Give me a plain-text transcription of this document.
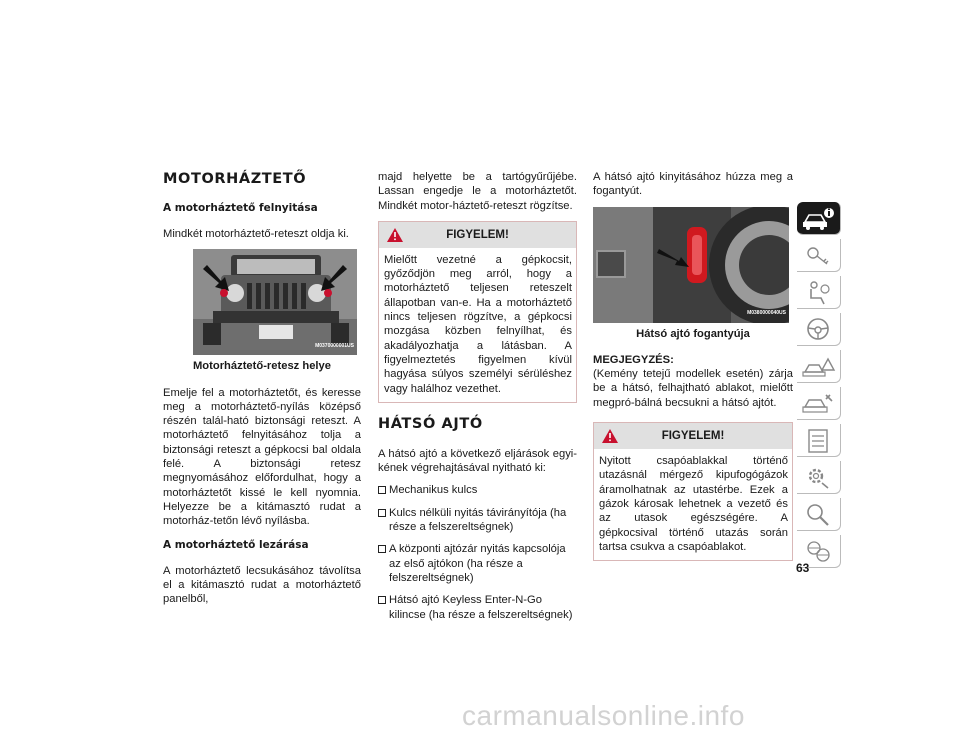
MOTORHÁZTETŐ
A motorháztető felnyitása

Mindkét motorháztető-reteszt oldja ki.

M0370000001US
Motorháztető-retesz helye

Emelje fel a motorháztetőt, és keresse meg a motorháztető-nyílás középső részén talál-ható biztonsági reteszt. A motorháztető felnyitásához tolja a biztonsági reteszt a gépkocsi bal oldala felé. A biztonsági retesz megnyomásához előfordulhat, hogy a motorháztetőt kissé le kell nyomnia. Helyezze be a kitámasztó rudat a motorház-tetőn lévő nyílásba.

A motorháztető lezárása

A motorháztető lecsukásához távolítsa el a kitámasztó rudat a motorháztető panelből,

majd helyette be a tartógyűrűjébe. Lassan engedje le a motorháztetőt. Mindkét motor-háztető-reteszt rögzítse.

FIGYELEM!

Mielőtt vezetné a gépkocsit, győződjön meg arról, hogy a motorháztető teljesen reteszelt állapotban van-e. Ha a motorháztető nincs teljesen rögzítve, a gépkocsi mozgása közben felnyílhat, és akadályozhatja a látásban. A figyelmeztetés figyelmen kívül hagyása súlyos személyi sérüléshez vagy halálhoz vezethet.

HÁTSÓ AJTÓ

A hátsó ajtó a következő eljárások egyi-kének végrehajtásával nyitható ki:

Mechanikus kulcs
Kulcs nélküli nyitás távirányítója (ha része a felszereltségnek)
A központi ajtózár nyitás kapcsolója az első ajtókon (ha része a felszereltségnek)
Hátsó ajtó Keyless Enter-N-Go kilincse (ha része a felszereltségnek)

A hátsó ajtó kinyitásához húzza meg a fogantyút.

M0380000040US
Hátsó ajtó fogantyúja
MEGJEGYZÉS:

(Kemény tetejű modellek esetén) zárja be a hátsó, felhajtható ablakot, mielőtt megpró-bálná becsukni a hátsó ajtót.

FIGYELEM!

Nyitott csapóablakkal történő utazásnál mérgező kipufogógázok áramolhatnak az utastérbe. Ezek a gázok károsak lehetnek a vezető és az utasok egészségére. A gépkocsival történő utazás során tartsa csukva a csapóablakot.

63
carmanualsonline.info
